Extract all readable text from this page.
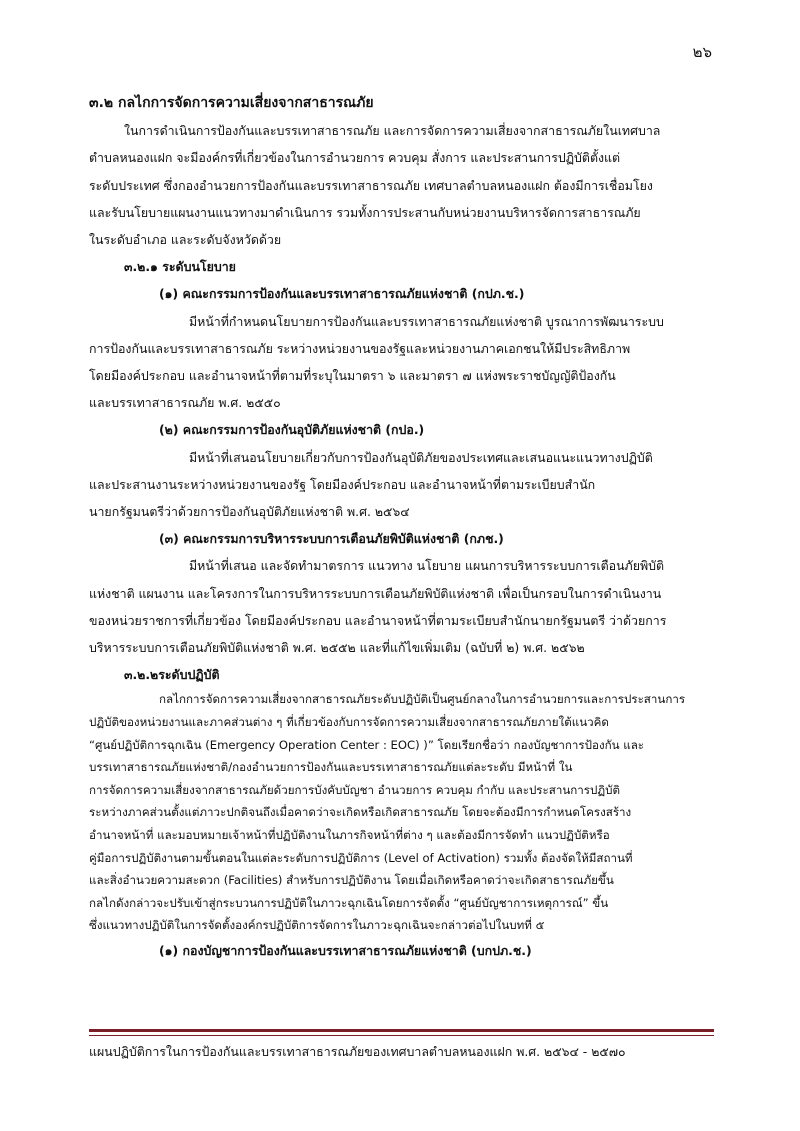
๒๖
๓.๒ กลไกการจัดการความเสี่ยงจากสาธารณภัย
ในการดำเนินการป้องกันและบรรเทาสาธารณภัย และการจัดการความเสี่ยงจากสาธารณภัยในเทศบาล
ตำบลหนองแฝก จะมีองค์กรที่เกี่ยวข้องในการอำนวยการ ควบคุม สั่งการ และประสานการปฏิบัติตั้งแต่
ระดับประเทศ ซึ่งกองอำนวยการป้องกันและบรรเทาสาธารณภัย เทศบาลตำบลหนองแฝก ต้องมีการเชื่อมโยง
และรับนโยบายแผนงานแนวทางมาดำเนินการ รวมทั้งการประสานกับหน่วยงานบริหารจัดการสาธารณภัย
ในระดับอำเภอ และระดับจังหวัดด้วย
๓.๒.๑ ระดับนโยบาย
(๑) คณะกรรมการป้องกันและบรรเทาสาธารณภัยแห่งชาติ (กปภ.ช.)
มีหน้าที่กำหนดนโยบายการป้องกันและบรรเทาสาธารณภัยแห่งชาติ บูรณาการพัฒนาระบบ
การป้องกันและบรรเทาสาธารณภัย ระหว่างหน่วยงานของรัฐและหน่วยงานภาคเอกชนให้มีประสิทธิภาพ
โดยมีองค์ประกอบ และอำนาจหน้าที่ตามที่ระบุในมาตรา ๖ และมาตรา ๗ แห่งพระราชบัญญัติป้องกัน
และบรรเทาสาธารณภัย พ.ศ. ๒๕๕๐
(๒) คณะกรรมการป้องกันอุบัติภัยแห่งชาติ (กปอ.)
มีหน้าที่เสนอนโยบายเกี่ยวกับการป้องกันอุบัติภัยของประเทศและเสนอแนะแนวทางปฏิบัติ
และประสานงานระหว่างหน่วยงานของรัฐ โดยมีองค์ประกอบ และอำนาจหน้าที่ตามระเบียบสำนัก
นายกรัฐมนตรีว่าด้วยการป้องกันอุบัติภัยแห่งชาติ พ.ศ. ๒๕๖๔
(๓) คณะกรรมการบริหารระบบการเตือนภัยพิบัติแห่งชาติ (กภช.)
มีหน้าที่เสนอ และจัดทำมาตรการ แนวทาง นโยบาย แผนการบริหารระบบการเตือนภัยพิบัติ
แห่งชาติ แผนงาน และโครงการในการบริหารระบบการเตือนภัยพิบัติแห่งชาติ เพื่อเป็นกรอบในการดำเนินงาน
ของหน่วยราชการที่เกี่ยวข้อง โดยมีองค์ประกอบ และอำนาจหน้าที่ตามระเบียบสำนักนายกรัฐมนตรี ว่าด้วยการ
บริหารระบบการเตือนภัยพิบัติแห่งชาติ พ.ศ. ๒๕๕๒ และที่แก้ไขเพิ่มเติม (ฉบับที่ ๒) พ.ศ. ๒๕๖๒
๓.๒.๒ระดับปฏิบัติ
กลไกการจัดการความเสี่ยงจากสาธารณภัยระดับปฏิบัติเป็นศูนย์กลางในการอำนวยการและการประสานการ
ปฏิบัติของหน่วยงานและภาคส่วนต่าง ๆ ที่เกี่ยวข้องกับการจัดการความเสี่ยงจากสาธารณภัยภายใต้แนวคิด
“ศูนย์ปฏิบัติการฉุกเฉิน (Emergency Operation Center : EOC) )” โดยเรียกชื่อว่า กองบัญชาการป้องกัน และ
บรรเทาสาธารณภัยแห่งชาติ/กองอำนวยการป้องกันและบรรเทาสาธารณภัยแต่ละระดับ มีหน้าที่ ใน
การจัดการความเสี่ยงจากสาธารณภัยด้วยการบังคับบัญชา อำนวยการ ควบคุม กำกับ และประสานการปฏิบัติ
ระหว่างภาคส่วนตั้งแต่ภาวะปกติจนถึงเมื่อคาดว่าจะเกิดหรือเกิดสาธารณภัย โดยจะต้องมีการกำหนดโครงสร้าง
อำนาจหน้าที่ และมอบหมายเจ้าหน้าที่ปฏิบัติงานในภารกิจหน้าที่ต่าง ๆ และต้องมีการจัดทำ แนวปฏิบัติหรือ
คู่มือการปฏิบัติงานตามขั้นตอนในแต่ละระดับการปฏิบัติการ (Level of Activation) รวมทั้ง ต้องจัดให้มีสถานที่
และสิ่งอำนวยความสะดวก (Facilities) สำหรับการปฏิบัติงาน โดยเมื่อเกิดหรือคาดว่าจะเกิดสาธารณภัยขึ้น
กลไกดังกล่าวจะปรับเข้าสู่กระบวนการปฏิบัติในภาวะฉุกเฉินโดยการจัดตั้ง “ศูนย์บัญชาการเหตุการณ์” ขึ้น
ซึ่งแนวทางปฏิบัติในการจัดตั้งองค์กรปฏิบัติการจัดการในภาวะฉุกเฉินจะกล่าวต่อไปในบทที่ ๕
(๑) กองบัญชาการป้องกันและบรรเทาสาธารณภัยแห่งชาติ (บกปภ.ช.)
แผนปฏิบัติการในการป้องกันและบรรเทาสาธารณภัยของเทศบาลตำบลหนองแฝก พ.ศ. ๒๕๖๔ - ๒๕๗๐
